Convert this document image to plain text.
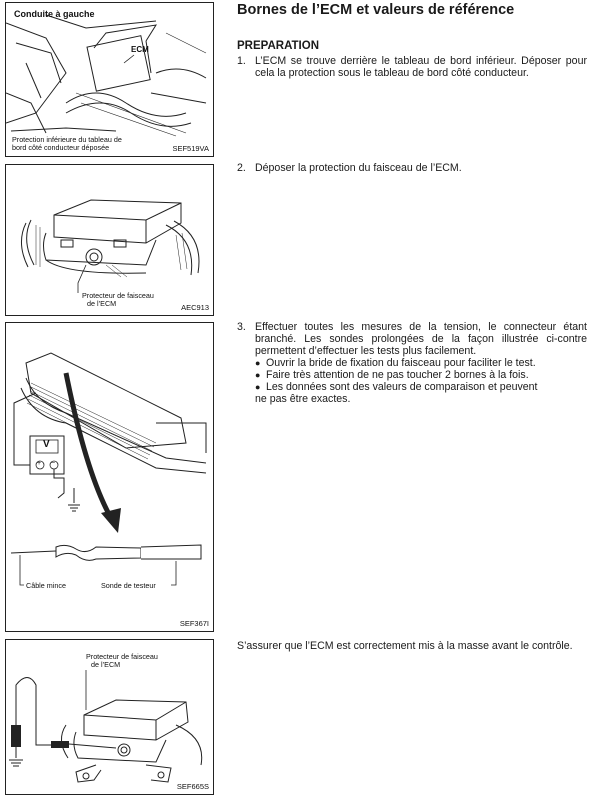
Bornes de l’ECM et valeurs de référence
PREPARATION
Conduite à gauche
ECM
Protection inférieure du tableau de
bord côté conducteur déposée	SEF519VA
Protecteur de faisceau
de l’ECM	AEC913
V
+ −
Câble mince	Sonde de testeur
SEF367I
Protecteur de faisceau
de l’ECM
SEF665S
1. L’ECM se trouve derrière le tableau de bord inférieur. Déposer pour cela la protection sous le tableau de bord côté conducteur.
2. Déposer la protection du faisceau de l’ECM.
3. Effectuer toutes les mesures de la tension, le connecteur étant branché. Les sondes prolongées de la façon illustrée ci-contre permettent d’effectuer les tests plus facilement.
● Ouvrir la bride de fixation du faisceau pour faciliter le test.
● Faire très attention de ne pas toucher 2 bornes à la fois.
● Les données sont des valeurs de comparaison et peuvent
ne pas être exactes.
S’assurer que l’ECM est correctement mis à la masse avant le contrôle.
